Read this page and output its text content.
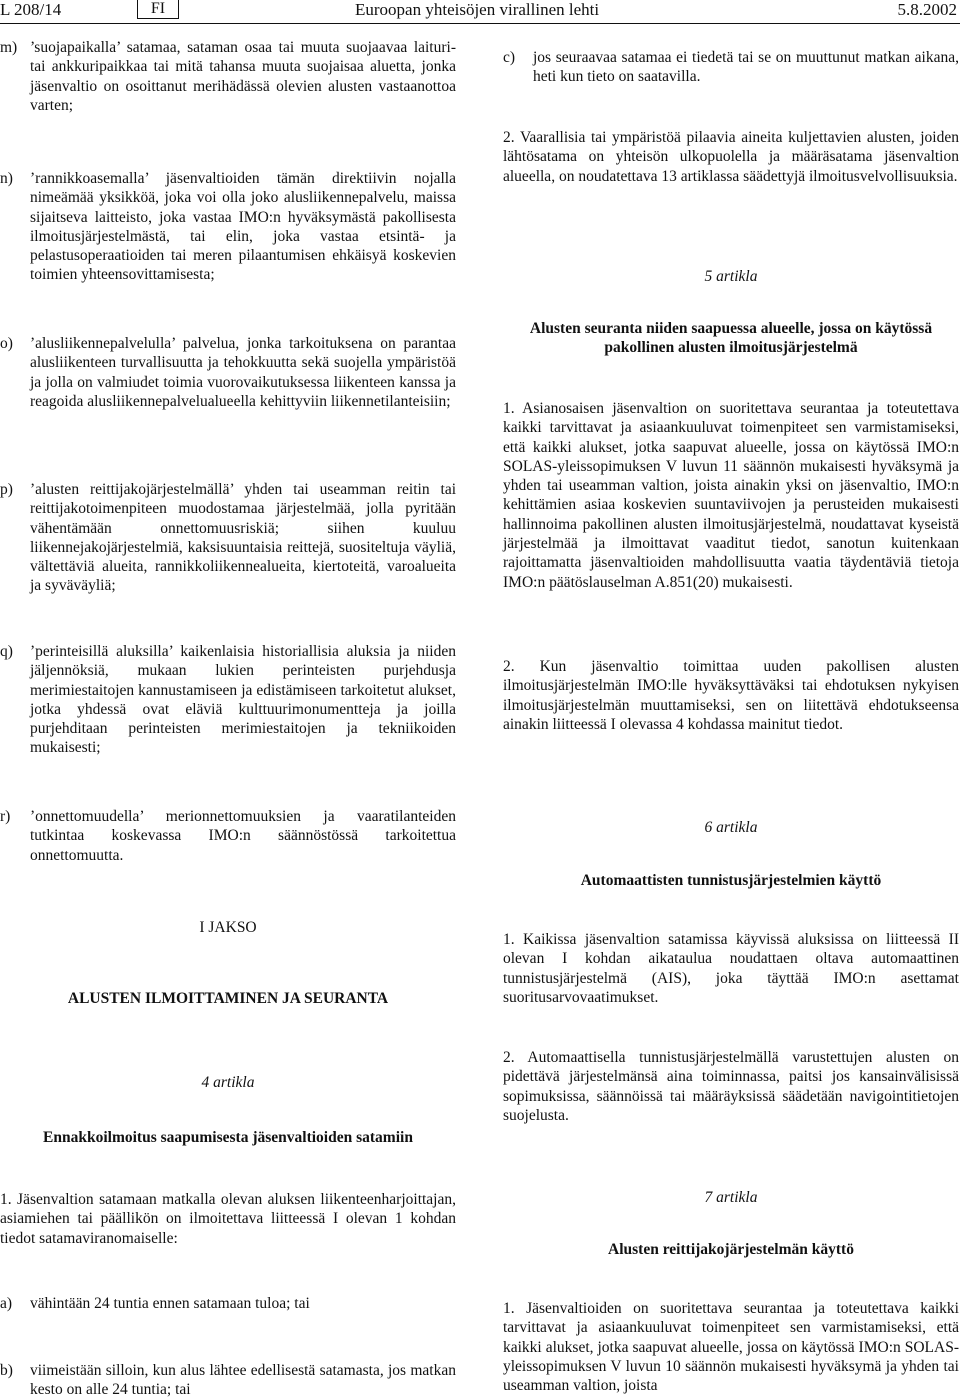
L 208/14	FI	Euroopan yhteisöjen virallinen lehti	5.8.2002
m) ’suojapaikalla’ satamaa, sataman osaa tai muuta suojaavaa laituri- tai ankkuripaikkaa tai mitä tahansa muuta suojaisaa aluetta, jonka jäsenvaltio on osoittanut merihädässä olevien alusten vastaanottoa varten;
n) ’rannikkoasemalla’ jäsenvaltioiden tämän direktiivin nojalla nimeämää yksikköä, joka voi olla joko alusliikennepalvelu, maissa sijaitseva laitteisto, joka vastaa IMO:n hyväksymästä pakollisesta ilmoitusjärjestelmästä, tai elin, joka vastaa etsintä- ja pelastusoperaatioiden tai meren pilaantumisen ehkäisyä koskevien toimien yhteensovittamisesta;
o) ’alusliikennepalvelulla’ palvelua, jonka tarkoituksena on parantaa alusliikenteen turvallisuutta ja tehokkuutta sekä suojella ympäristöä ja jolla on valmiudet toimia vuorovaikutuksessa liikenteen kanssa ja reagoida alusliikennepalvelualueella kehittyviin liikennetilanteisiin;
p) ’alusten reittijakojärjestelmällä’ yhden tai useamman reitin tai reittijakotoimenpiteen muodostamaa järjestelmää, jolla pyritään vähentämään onnettomuusriskiä; siihen kuuluu liikennejakojärjestelmiä, kaksisuuntaisia reittejä, suositeltuja väyliä, vältettäviä alueita, rannikkoliikennealueita, kiertoteitä, varoalueita ja syväväyliä;
q) ’perinteisillä aluksilla’ kaikenlaisia historiallisia aluksia ja niiden jäljennöksiä, mukaan lukien perinteisten purjehdusja merimiestaitojen kannustamiseen ja edistämiseen tarkoitetut alukset, jotka yhdessä ovat eläviä kulttuurimonumentteja ja joilla purjehditaan perinteisten merimiestaitojen ja tekniikoiden mukaisesti;
r) ’onnettomuudella’ merionnettomuuksien ja vaaratilanteiden tutkintaa koskevassa IMO:n säännöstössä tarkoitettua onnettomuutta.
I JAKSO
ALUSTEN ILMOITTAMINEN JA SEURANTA
4 artikla
Ennakkoilmoitus saapumisesta jäsenvaltioiden satamiin
1. Jäsenvaltion satamaan matkalla olevan aluksen liikenteenharjoittajan, asiamiehen tai päällikön on ilmoitettava liitteessä I olevan 1 kohdan tiedot satamaviranomaiselle:
a) vähintään 24 tuntia ennen satamaan tuloa; tai
b) viimeistään silloin, kun alus lähtee edellisestä satamasta, jos matkan kesto on alle 24 tuntia; tai
c) jos seuraavaa satamaa ei tiedetä tai se on muuttunut matkan aikana, heti kun tieto on saatavilla.
2. Vaarallisia tai ympäristöä pilaavia aineita kuljettavien alusten, joiden lähtösatama on yhteisön ulkopuolella ja määräsatama jäsenvaltion alueella, on noudatettava 13 artiklassa säädettyjä ilmoitusvelvollisuuksia.
5 artikla
Alusten seuranta niiden saapuessa alueelle, jossa on käytössä pakollinen alusten ilmoitusjärjestelmä
1. Asianosaisen jäsenvaltion on suoritettava seurantaa ja toteutettava kaikki tarvittavat ja asiaankuuluvat toimenpiteet sen varmistamiseksi, että kaikki alukset, jotka saapuvat alueelle, jossa on käytössä IMO:n SOLAS-yleissopimuksen V luvun 11 säännön mukaisesti hyväksymä ja yhden tai useamman valtion, joista ainakin yksi on jäsenvaltio, IMO:n kehittämien asiaa koskevien suuntaviivojen ja perusteiden mukaisesti hallinnoima pakollinen alusten ilmoitusjärjestelmä, noudattavat kyseistä järjestelmää ja ilmoittavat vaaditut tiedot, sanotun kuitenkaan rajoittamatta jäsenvaltioiden mahdollisuutta vaatia täydentäviä tietoja IMO:n päätöslauselman A.851(20) mukaisesti.
2. Kun jäsenvaltio toimittaa uuden pakollisen alusten ilmoitusjärjestelmän IMO:lle hyväksyttäväksi tai ehdotuksen nykyisen ilmoitusjärjestelmän muuttamiseksi, sen on liitettävä ehdotukseensa ainakin liitteessä I olevassa 4 kohdassa mainitut tiedot.
6 artikla
Automaattisten tunnistusjärjestelmien käyttö
1. Kaikissa jäsenvaltion satamissa käyvissä aluksissa on liitteessä II olevan I kohdan aikataulua noudattaen oltava automaattinen tunnistusjärjestelmä (AIS), joka täyttää IMO:n asettamat suoritusarvovaatimukset.
2. Automaattisella tunnistusjärjestelmällä varustettujen alusten on pidettävä järjestelmänsä aina toiminnassa, paitsi jos kansainvälisissä sopimuksissa, säännöissä tai määräyksissä säädetään navigointitietojen suojelusta.
7 artikla
Alusten reittijakojärjestelmän käyttö
1. Jäsenvaltioiden on suoritettava seurantaa ja toteutettava kaikki tarvittavat ja asiaankuuluvat toimenpiteet sen varmistamiseksi, että kaikki alukset, jotka saapuvat alueelle, jossa on käytössä IMO:n SOLAS-yleissopimuksen V luvun 10 säännön mukaisesti hyväksymä ja yhden tai useamman valtion, joista
